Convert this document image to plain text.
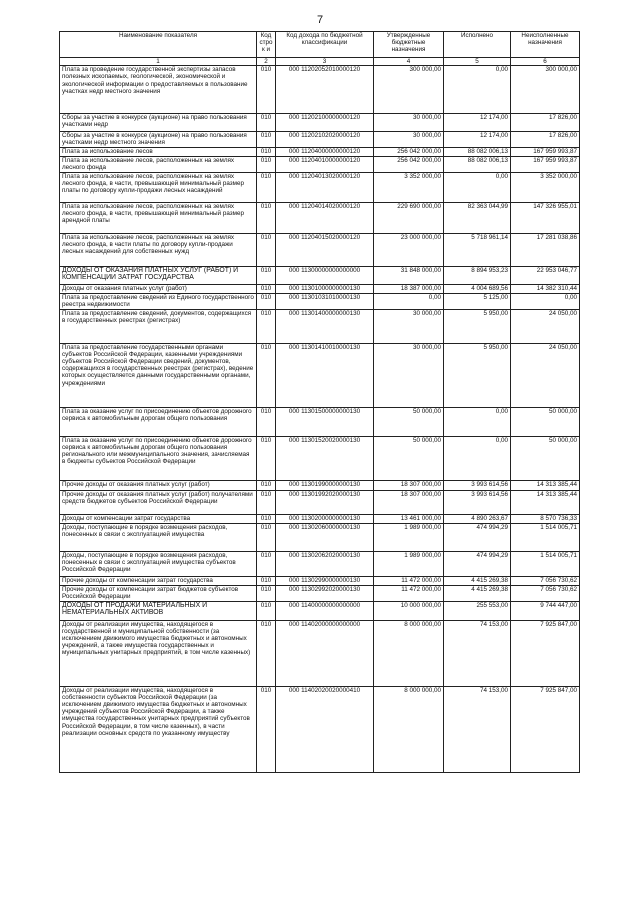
7
Наименование показателя	Код строк и	Код дохода по бюджетной классификации	Утвержденные бюджетные назначения	Исполнено	Неисполненные назначения
1	2	3	4	5	6
Плата за проведение государственной экспертизы запасов полезных ископаемых, геологической, экономической и экологической информации о предоставляемых в пользование участках недр местного значения	010	000 11202052010000120	300 000,00	0,00	300 000,00
Сборы за участие в конкурсе (аукционе) на право пользования участками недр	010	000 11202100000000120	30 000,00	12 174,00	17 826,00
Сборы за участие в конкурсе (аукционе) на право пользования участками недр местного значения	010	000 11202102020000120	30 000,00	12 174,00	17 826,00
Плата за использование лесов	010	000 11204000000000120	256 042 000,00	88 082 006,13	167 959 993,87
Плата за использование лесов, расположенных на землях лесного фонда	010	000 11204010000000120	256 042 000,00	88 082 006,13	167 959 993,87
Плата за использование лесов, расположенных на землях лесного фонда, в части, превышающей минимальный размер платы по договору купли-продажи лесных насаждений	010	000 11204013020000120	3 352 000,00	0,00	3 352 000,00
Плата за использование лесов, расположенных на землях лесного фонда, в части, превышающей минимальный размер арендной платы	010	000 11204014020000120	229 690 000,00	82 363 044,99	147 326 955,01
Плата за использование лесов, расположенных на землях лесного фонда, в части платы по договору купли-продажи лесных насаждений для собственных нужд	010	000 11204015020000120	23 000 000,00	5 718 961,14	17 281 038,86
ДОХОДЫ ОТ ОКАЗАНИЯ ПЛАТНЫХ УСЛУГ (РАБОТ) И КОМПЕНСАЦИИ ЗАТРАТ ГОСУДАРСТВА	010	000 11300000000000000	31 848 000,00	8 894 953,23	22 953 046,77
Доходы от оказания платных услуг (работ)	010	000 11301000000000130	18 387 000,00	4 004 689,56	14 382 310,44
Плата за предоставление сведений из Единого государственного реестра недвижимости	010	000 11301031010000130	0,00	5 125,00	0,00
Плата за предоставление сведений, документов, содержащихся в государственных реестрах (регистрах)	010	000 11301400000000130	30 000,00	5 950,00	24 050,00
Плата за предоставление государственными органами субъектов Российской Федерации, казенными учреждениями субъектов Российской Федерации сведений, документов, содержащихся в государственных реестрах (регистрах), ведение которых осуществляется данными государственными органами, учреждениями	010	000 11301410010000130	30 000,00	5 950,00	24 050,00
Плата за оказание услуг по присоединению объектов дорожного сервиса к автомобильным дорогам общего пользования	010	000 11301500000000130	50 000,00	0,00	50 000,00
Плата за оказание услуг по присоединению объектов дорожного сервиса к автомобильным дорогам общего пользования регионального или межмуниципального значения, зачисляемая в бюджеты субъектов Российской Федерации	010	000 11301520020000130	50 000,00	0,00	50 000,00
Прочие доходы от оказания платных услуг (работ)	010	000 11301990000000130	18 307 000,00	3 993 614,56	14 313 385,44
Прочие доходы от оказания платных услуг (работ) получателями средств бюджетов субъектов Российской Федерации	010	000 11301992020000130	18 307 000,00	3 993 614,56	14 313 385,44
Доходы от компенсации затрат государства	010	000 11302000000000130	13 461 000,00	4 890 263,67	8 570 736,33
Доходы, поступающие в порядке возмещения расходов, понесенных в связи с эксплуатацией имущества	010	000 11302060000000130	1 989 000,00	474 994,29	1 514 005,71
Доходы, поступающие в порядке возмещения расходов, понесенных в связи с эксплуатацией имущества субъектов Российской Федерации	010	000 11302062020000130	1 989 000,00	474 994,29	1 514 005,71
Прочие доходы от компенсации затрат государства	010	000 11302990000000130	11 472 000,00	4 415 269,38	7 056 730,62
Прочие доходы от компенсации затрат бюджетов субъектов Российской Федерации	010	000 11302992020000130	11 472 000,00	4 415 269,38	7 056 730,62
ДОХОДЫ ОТ ПРОДАЖИ МАТЕРИАЛЬНЫХ И НЕМАТЕРИАЛЬНЫХ АКТИВОВ	010	000 11400000000000000	10 000 000,00	255 553,00	9 744 447,00
Доходы от реализации имущества, находящегося в государственной и муниципальной собственности (за исключением движимого имущества бюджетных и автономных учреждений, а также имущества государственных и муниципальных унитарных предприятий, в том числе казенных)	010	000 11402000000000000	8 000 000,00	74 153,00	7 925 847,00
Доходы от реализации имущества, находящегося в собственности субъектов Российской Федерации (за исключением движимого имущества бюджетных и автономных учреждений субъектов Российской Федерации, а также имущества государственных унитарных предприятий субъектов Российской Федерации, в том числе казенных), в части реализации основных средств по указанному имуществу	010	000 11402020020000410	8 000 000,00	74 153,00	7 925 847,00
